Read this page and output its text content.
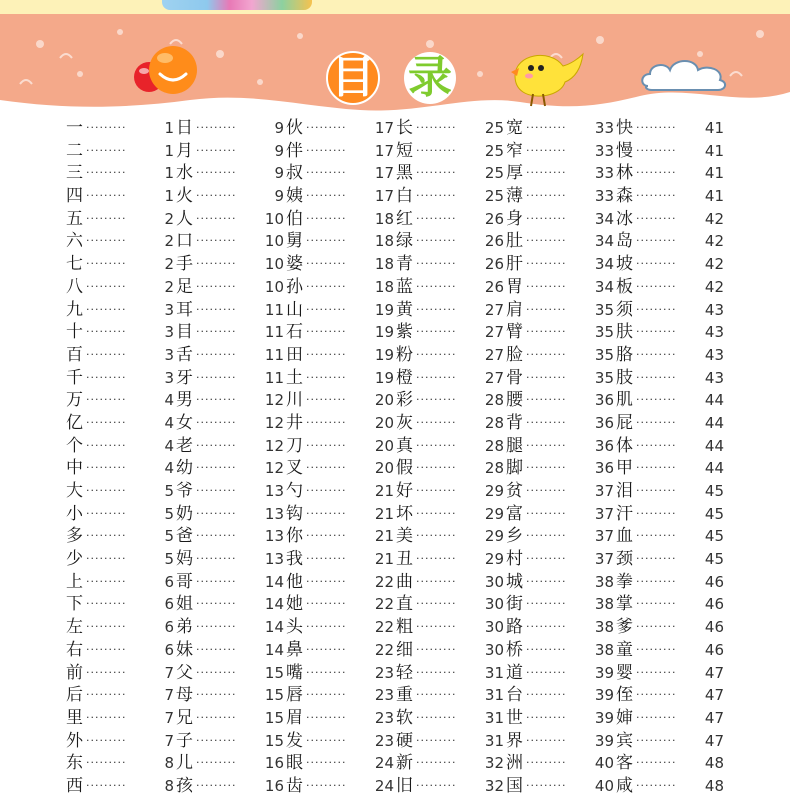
目 录
一 ·········	1
二 ·········	1
三 ·········	1
四 ·········	1
五 ·········	2
六 ·········	2
七 ·········	2
八 ·········	2
九 ·········	3
十 ·········	3
百 ·········	3
千 ·········	3
万 ·········	4
亿 ·········	4
个 ·········	4
中 ·········	4
大 ·········	5
小 ·········	5
多 ·········	5
少 ·········	5
上 ·········	6
下 ·········	6
左 ·········	6
右 ·········	6
前 ·········	7
后 ·········	7
里 ·········	7
外 ·········	7
东 ·········	8
西 ·········	8
日 ·········	9
月 ·········	9
水 ·········	9
火 ·········	9
人 ········· 10
口 ········· 10
手 ········· 10
足 ········· 10
耳 ········· 11
目 ········· 11
舌 ········· 11
牙 ········· 11
男 ········· 12
女 ········· 12
老 ········· 12
幼 ········· 12
爷 ········· 13
奶 ········· 13
爸 ········· 13
妈 ········· 13
哥 ········· 14
姐 ········· 14
弟 ········· 14
妹 ········· 14
父 ········· 15
母 ········· 15
兄 ········· 15
子 ········· 15
儿 ········· 16
孩 ········· 16
伙 ········· 17
伴 ········· 17
叔 ········· 17
姨 ········· 17
伯 ········· 18
舅 ········· 18
婆 ········· 18
孙 ········· 18
山 ········· 19
石 ········· 19
田 ········· 19
土 ········· 19
川 ········· 20
井 ········· 20
刀 ········· 20
叉 ········· 20
勺 ········· 21
钩 ········· 21
你 ········· 21
我 ········· 21
他 ········· 22
她 ········· 22
头 ········· 22
鼻 ········· 22
嘴 ········· 23
唇 ········· 23
眉 ········· 23
发 ········· 23
眼 ········· 24
齿 ········· 24
长 ········· 25
短 ········· 25
黑 ········· 25
白 ········· 25
红 ········· 26
绿 ········· 26
青 ········· 26
蓝 ········· 26
黄 ········· 27
紫 ········· 27
粉 ········· 27
橙 ········· 27
彩 ········· 28
灰 ········· 28
真 ········· 28
假 ········· 28
好 ········· 29
坏 ········· 29
美 ········· 29
丑 ········· 29
曲 ········· 30
直 ········· 30
粗 ········· 30
细 ········· 30
轻 ········· 31
重 ········· 31
软 ········· 31
硬 ········· 31
新 ········· 32
旧 ········· 32
宽 ········· 33
窄 ········· 33
厚 ········· 33
薄 ········· 33
身 ········· 34
肚 ········· 34
肝 ········· 34
胃 ········· 34
肩 ········· 35
臂 ········· 35
脸 ········· 35
骨 ········· 35
腰 ········· 36
背 ········· 36
腿 ········· 36
脚 ········· 36
贫 ········· 37
富 ········· 37
乡 ········· 37
村 ········· 37
城 ········· 38
街 ········· 38
路 ········· 38
桥 ········· 38
道 ········· 39
台 ········· 39
世 ········· 39
界 ········· 39
洲 ········· 40
国 ········· 40
快 ········· 41
慢 ········· 41
林 ········· 41
森 ········· 41
冰 ········· 42
岛 ········· 42
坡 ········· 42
板 ········· 42
须 ········· 43
肤 ········· 43
胳 ········· 43
肢 ········· 43
肌 ········· 44
屁 ········· 44
体 ········· 44
甲 ········· 44
泪 ········· 45
汗 ········· 45
血 ········· 45
颈 ········· 45
拳 ········· 46
掌 ········· 46
爹 ········· 46
童 ········· 46
婴 ········· 47
侄 ········· 47
婶 ········· 47
宾 ········· 47
客 ········· 48
咸 ········· 48
